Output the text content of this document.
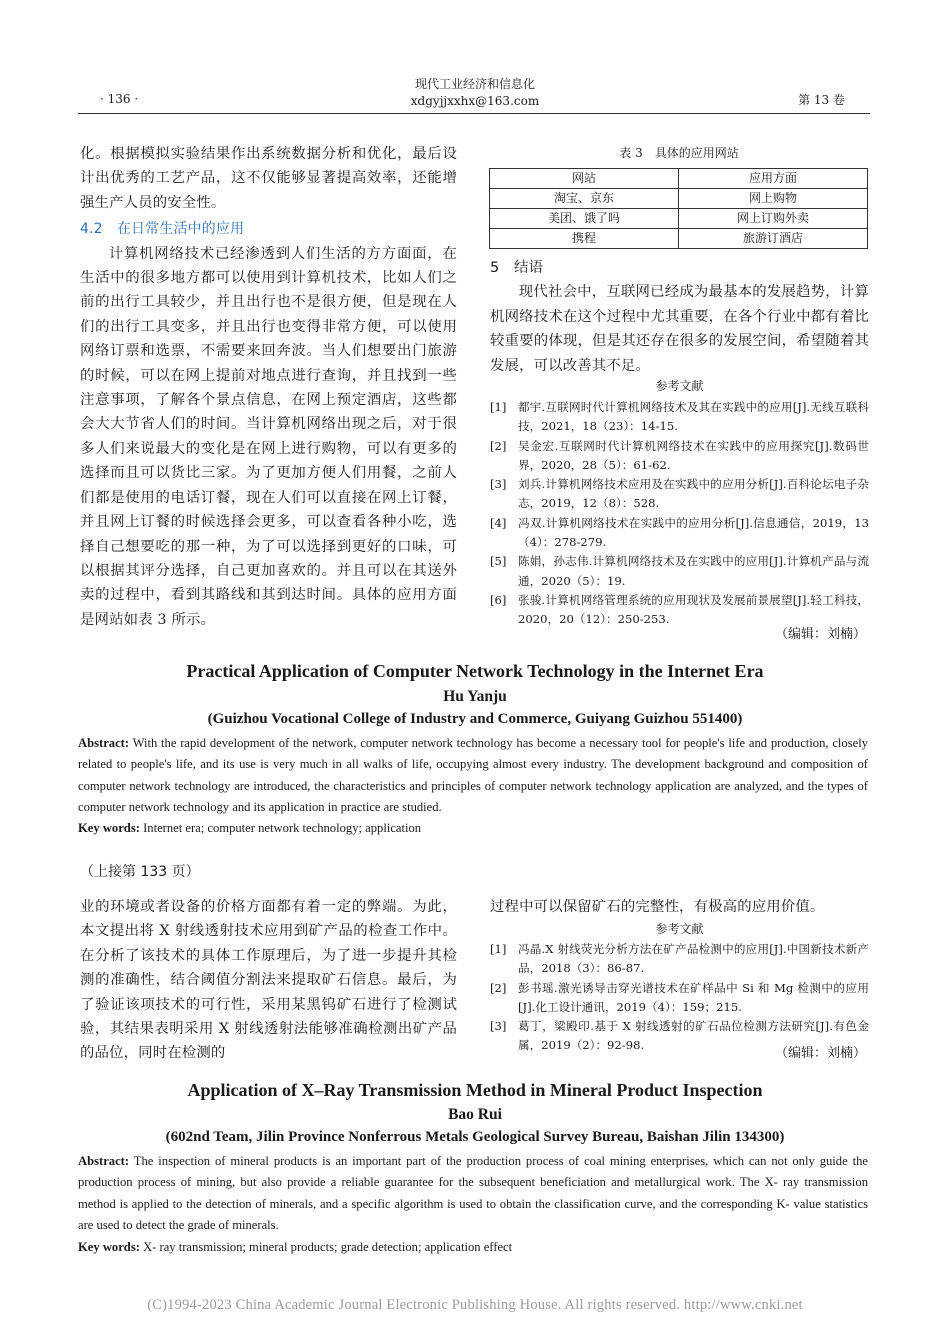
· 136 ·
现代工业经济和信息化
xdgyjjxxhx@163.com	第 13 卷

化。根据模拟实验结果作出系统数据分析和优化，最后设计出优秀的工艺产品，这不仅能够显著提高效率，还能增强生产人员的安全性。

4.2　在日常生活中的应用

计算机网络技术已经渗透到人们生活的方方面面，在生活中的很多地方都可以使用到计算机技术，比如人们之前的出行工具较少，并且出行也不是很方便，但是现在人们的出行工具变多，并且出行也变得非常方便，可以使用网络订票和选票，不需要来回奔波。当人们想要出门旅游的时候，可以在网上提前对地点进行查询，并且找到一些注意事项，了解各个景点信息，在网上预定酒店，这些都会大大节省人们的时间。当计算机网络出现之后，对于很多人们来说最大的变化是在网上进行购物，可以有更多的选择而且可以货比三家。为了更加方便人们用餐，之前人们都是使用的电话订餐，现在人们可以直接在网上订餐，并且网上订餐的时候选择会更多，可以查看各种小吃，选择自己想要吃的那一种，为了可以选择到更好的口味，可以根据其评分选择，自己更加喜欢的。并且可以在其送外卖的过程中，看到其路线和其到达时间。具体的应用方面是网站如表 3 所示。

表 3　具体的应用网站
网站	应用方面
淘宝、京东	网上购物
美团、饿了吗	网上订购外卖
携程	旅游订酒店

5　结语

现代社会中，互联网已经成为最基本的发展趋势，计算机网络技术在这个过程中尤其重要，在各个行业中都有着比较重要的体现，但是其还存在很多的发展空间，希望随着其发展，可以改善其不足。

参考文献
[1] 都宇.互联网时代计算机网络技术及其在实践中的应用[J].无线互联科技，2021，18（23）：14-15.
[2] 吴金宏.互联网时代计算机网络技术在实践中的应用探究[J].数码世界，2020，28（5）：61-62.
[3] 刘兵.计算机网络技术应用及在实践中的应用分析[J].百科论坛电子杂志，2019，12（8）：528.
[4] 冯双.计算机网络技术在实践中的应用分析[J].信息通信，2019，13（4）：278-279.
[5] 陈娟，孙志伟.计算机网络技术及在实践中的应用[J].计算机产品与流通，2020（5）：19.
[6] 张骏.计算机网络管理系统的应用现状及发展前景展望[J].轻工科技，2020，20（12）：250-253.
（编辑：刘楠）
Practical Application of Computer Network Technology in the Internet Era
Hu Yanju
(Guizhou Vocational College of Industry and Commerce, Guiyang Guizhou 551400)
Abstract: With the rapid development of the network, computer network technology has become a necessary tool for people's life and production, closely related to people's life, and its use is very much in all walks of life, occupying almost every industry. The development background and composition of computer network technology are introduced, the characteristics and principles of computer network technology application are analyzed, and the types of computer network technology and its application in practice are studied.
Key words: Internet era; computer network technology; application
（上接第 133 页）

业的环境或者设备的价格方面都有着一定的弊端。为此，本文提出将 X 射线透射技术应用到矿产品的检查工作中。在分析了该技术的具体工作原理后，为了进一步提升其检测的准确性，结合阈值分割法来提取矿石信息。最后，为了验证该项技术的可行性，采用某黑钨矿石进行了检测试验，其结果表明采用 X 射线透射法能够准确检测出矿产品的品位，同时在检测的

过程中可以保留矿石的完整性，有极高的应用价值。

参考文献
[1] 冯晶.X 射线荧光分析方法在矿产品检测中的应用[J].中国新技术新产品，2018（3）：86-87.
[2] 彭书瑶.激光诱导击穿光谱技术在矿样品中 Si 和 Mg 检测中的应用[J].化工设计通讯，2019（4）：159；215.
[3] 葛丁，梁殿印.基于 X 射线透射的矿石品位检测方法研究[J].有色金属，2019（2）：92-98.
（编辑：刘楠）
Application of X–Ray Transmission Method in Mineral Product Inspection
Bao Rui
(602nd Team, Jilin Province Nonferrous Metals Geological Survey Bureau, Baishan Jilin 134300)
Abstract: The inspection of mineral products is an important part of the production process of coal mining enterprises, which can not only guide the production process of mining, but also provide a reliable guarantee for the subsequent beneficiation and metallurgical work. The X- ray transmission method is applied to the detection of minerals, and a specific algorithm is used to obtain the classification curve, and the corresponding K- value statistics are used to detect the grade of minerals.
Key words: X- ray transmission; mineral products; grade detection; application effect
(C)1994-2023 China Academic Journal Electronic Publishing House. All rights reserved. http://www.cnki.net
